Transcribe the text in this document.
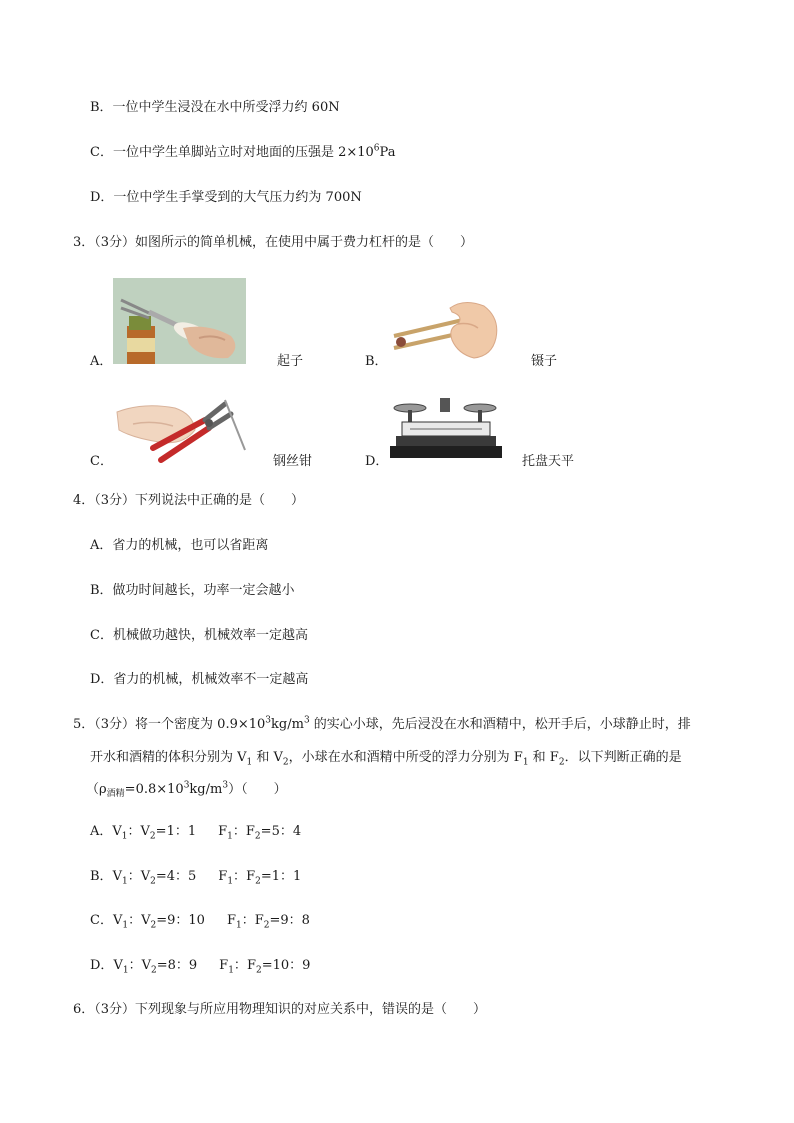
B．一位中学生浸没在水中所受浮力约 60N
C．一位中学生单脚站立时对地面的压强是 $2\times 10^6Pa$
D．一位中学生手掌受到的大气压力约为 700N
3．（3分）如图所示的简单机械，在使用中属于费力杠杆的是（　　）
A．	起子	B．	镊子
C．	钢丝钳	D．	托盘天平
4．（3分）下列说法中正确的是（　　）
A．省力的机械，也可以省距离
B．做功时间越长，功率一定会越小
C．机械做功越快，机械效率一定越高
D．省力的机械，机械效率不一定越高
5．（3分）将一个密度为 $0.9\times 10^3kg/m^3$ 的实心小球，先后浸没在水和酒精中，松开手后，小球静止时，排
开水和酒精的体积分别为 $V_1$ 和 $V_2$，小球在水和酒精中所受的浮力分别为 $F_1$ 和 $F_2$．以下判断正确的是
$(\rho_{酒精}=0.8\times 10^3kg/m^3)$（　　）
A．$V_1$：$V_2=1$：1 $F_1$：$F_2=5$：4
B．$V_1$：$V_2=4$：5 $F_1$：$F_2=1$：1
C．$V_1$：$V_2=9$：10 $F_1$：$F_2=9$：8
D．$V_1$：$V_2=8$：9 $F_1$：$F_2=10$：9
6．（3分）下列现象与所应用物理知识的对应关系中，错误的是（　　）
